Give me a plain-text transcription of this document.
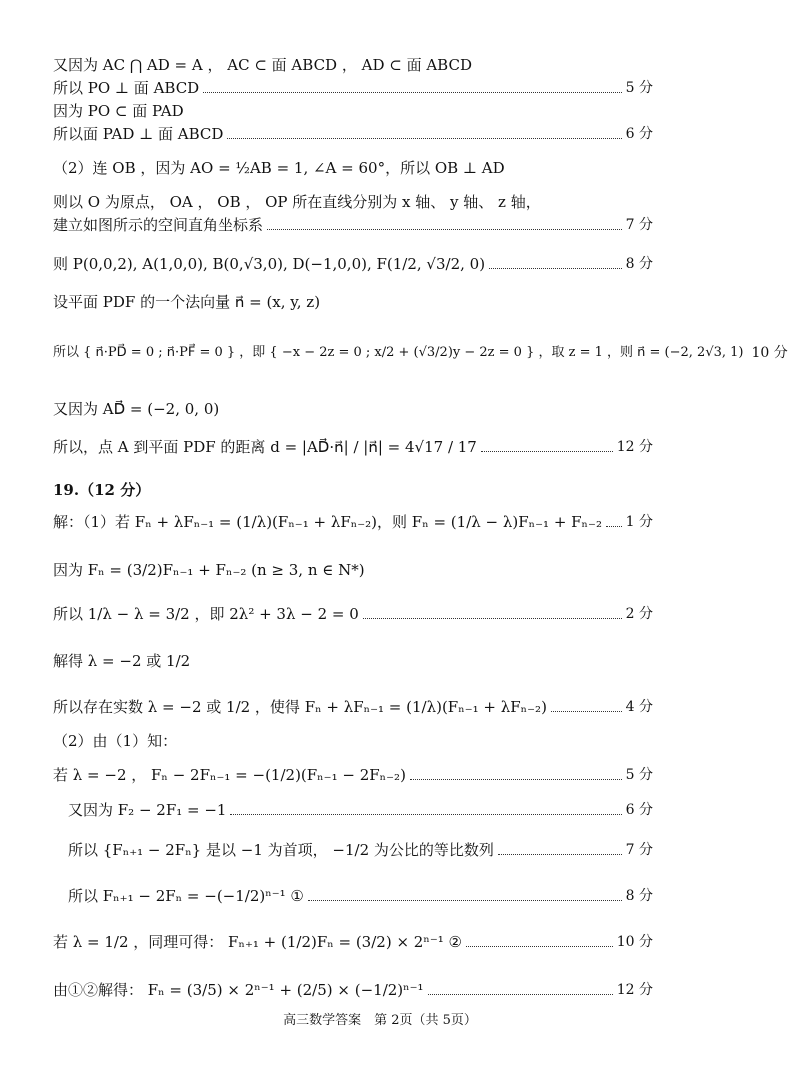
又因为 AC ⋂ AD = A ， AC ⊂ 面 ABCD ， AD ⊂ 面 ABCD
所以 PO ⊥ 面 ABCD	5 分
因为 PO ⊂ 面 PAD
所以面 PAD ⊥ 面 ABCD	6 分
（2）连 OB ，因为 AO = ½AB = 1, ∠A = 60°，所以 OB ⊥ AD
则以 O 为原点， OA ， OB ， OP 所在直线分别为 x 轴、 y 轴、 z 轴，
建立如图所示的空间直角坐标系	7 分
则 P(0,0,2), A(1,0,0), B(0,√3,0), D(−1,0,0), F(1/2, √3/2, 0)	8 分
设平面 PDF 的一个法向量 n⃗ = (x, y, z)
所以 { n⃗·PD⃗ = 0 ; n⃗·PF⃗ = 0 } ，即 { −x − 2z = 0 ; x/2 + (√3/2)y − 2z = 0 } ，取 z = 1 ，则 n⃗ = (−2, 2√3, 1) 10 分
又因为 AD⃗ = (−2, 0, 0)
所以，点 A 到平面 PDF 的距离 d = |AD⃗·n⃗| / |n⃗| = 4√17 / 17	12 分
19.（12 分）
解：（1）若 Fₙ + λFₙ₋₁ = (1/λ)(Fₙ₋₁ + λFₙ₋₂)，则 Fₙ = (1/λ − λ)Fₙ₋₁ + Fₙ₋₂ 1 分
因为 Fₙ = (3/2)Fₙ₋₁ + Fₙ₋₂ (n ≥ 3, n ∈ N*)
所以 1/λ − λ = 3/2 ，即 2λ² + 3λ − 2 = 0	2 分
解得 λ = −2 或 1/2
所以存在实数 λ = −2 或 1/2 ，使得 Fₙ + λFₙ₋₁ = (1/λ)(Fₙ₋₁ + λFₙ₋₂)	4 分
（2）由（1）知：
若 λ = −2 ， Fₙ − 2Fₙ₋₁ = −(1/2)(Fₙ₋₁ − 2Fₙ₋₂)	5 分
又因为 F₂ − 2F₁ = −1	6 分
所以 {Fₙ₊₁ − 2Fₙ} 是以 −1 为首项， −1/2 为公比的等比数列	7 分
所以 Fₙ₊₁ − 2Fₙ = −(−1/2)ⁿ⁻¹ ①	8 分
若 λ = 1/2 ，同理可得： Fₙ₊₁ + (1/2)Fₙ = (3/2) × 2ⁿ⁻¹ ②	10 分
由①②解得： Fₙ = (3/5) × 2ⁿ⁻¹ + (2/5) × (−1/2)ⁿ⁻¹	12 分
高三数学答案　第 2页（共 5页）
